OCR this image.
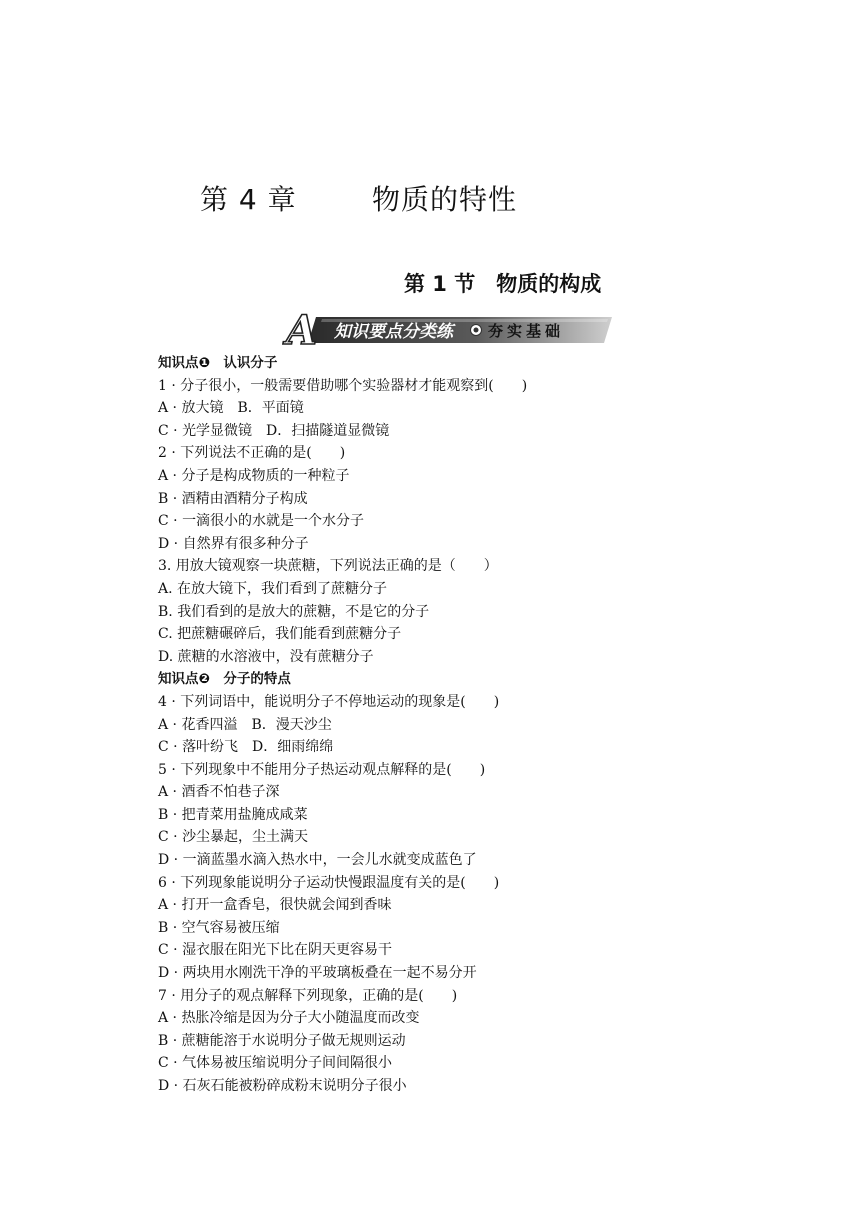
第 4 章	物质的特性
第 1 节　物质的构成
A 知识要点分类练 夯实基础
知识点❶　认识分子
1 · 分子很小，一般需要借助哪个实验器材才能观察到(　　)
A · 放大镜　B．平面镜
C · 光学显微镜　D．扫描隧道显微镜
2 · 下列说法不正确的是(　　)
A · 分子是构成物质的一种粒子
B · 酒精由酒精分子构成
C · 一滴很小的水就是一个水分子
D · 自然界有很多种分子
3. 用放大镜观察一块蔗糖，下列说法正确的是（　　）
A. 在放大镜下，我们看到了蔗糖分子
B. 我们看到的是放大的蔗糖，不是它的分子
C. 把蔗糖碾碎后，我们能看到蔗糖分子
D. 蔗糖的水溶液中，没有蔗糖分子
知识点❷　分子的特点
4 · 下列词语中，能说明分子不停地运动的现象是(　　)
A · 花香四溢　B．漫天沙尘
C · 落叶纷飞　D．细雨绵绵
5 · 下列现象中不能用分子热运动观点解释的是(　　)
A · 酒香不怕巷子深
B · 把青菜用盐腌成咸菜
C · 沙尘暴起，尘土满天
D · 一滴蓝墨水滴入热水中，一会儿水就变成蓝色了
6 · 下列现象能说明分子运动快慢跟温度有关的是(　　)
A · 打开一盒香皂，很快就会闻到香味
B · 空气容易被压缩
C · 湿衣服在阳光下比在阴天更容易干
D · 两块用水刚洗干净的平玻璃板叠在一起不易分开
7 · 用分子的观点解释下列现象，正确的是(　　)
A · 热胀冷缩是因为分子大小随温度而改变
B · 蔗糖能溶于水说明分子做无规则运动
C · 气体易被压缩说明分子间间隔很小
D · 石灰石能被粉碎成粉末说明分子很小
